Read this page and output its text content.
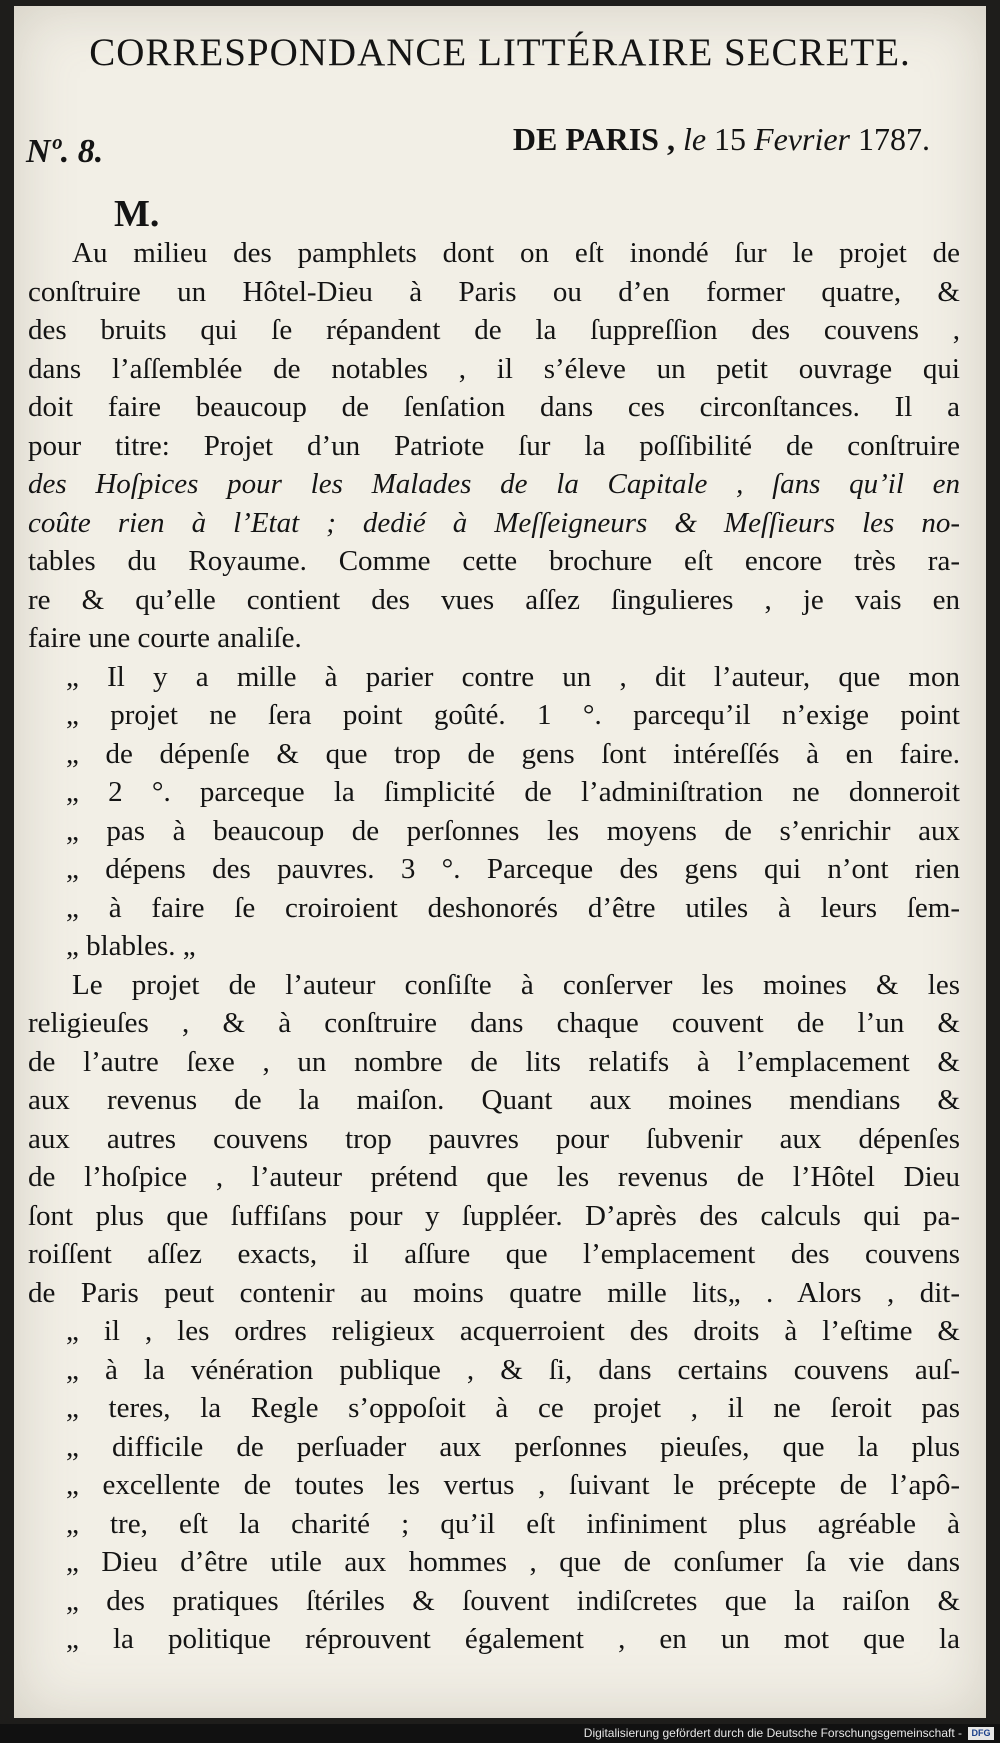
CORRESPONDANCE LITTÉRAIRE SECRETE.
Nº. 8.	DE PARIS , le 15 Fevrier 1787.
M.
Au milieu des pamphlets dont on eſt inondé ſur le projet de
conſtruire un Hôtel-Dieu à Paris ou d’en former quatre, &
des bruits qui ſe répandent de la ſuppreſſion des couvens ,
dans l’aſſemblée de notables , il s’éleve un petit ouvrage qui
doit faire beaucoup de ſenſation dans ces circonſtances. Il a
pour titre: Projet d’un Patriote ſur la poſſibilité de conſtruire
des Hoſpices pour les Malades de la Capitale , ſans qu’il en
coûte rien à l’Etat ; dedié à Meſſeigneurs & Meſſieurs les no-
tables du Royaume. Comme cette brochure eſt encore très ra-
re & qu’elle contient des vues aſſez ſingulieres , je vais en
faire une courte analiſe.
„ Il y a mille à parier contre un , dit l’auteur, que mon
„ projet ne ſera point goûté. 1 °. parcequ’il n’exige point
„ de dépenſe & que trop de gens ſont intéreſſés à en faire.
„ 2 °. parceque la ſimplicité de l’adminiſtration ne donneroit
„ pas à beaucoup de perſonnes les moyens de s’enrichir aux
„ dépens des pauvres. 3 °. Parceque des gens qui n’ont rien
„ à faire ſe croiroient deshonorés d’être utiles à leurs ſem-
„ blables. „
Le projet de l’auteur conſiſte à conſerver les moines & les
religieuſes , & à conſtruire dans chaque couvent de l’un &
de l’autre ſexe , un nombre de lits relatifs à l’emplacement &
aux revenus de la maiſon. Quant aux moines mendians &
aux autres couvens trop pauvres pour ſubvenir aux dépenſes
de l’hoſpice , l’auteur prétend que les revenus de l’Hôtel Dieu
ſont plus que ſuffiſans pour y ſuppléer. D’après des calculs qui pa-
roiſſent aſſez exacts, il aſſure que l’emplacement des couvens
de Paris peut contenir au moins quatre mille lits„ . Alors , dit-
„ il , les ordres religieux acquerroient des droits à l’eſtime &
„ à la vénération publique , & ſi, dans certains couvens auſ-
„ teres, la Regle s’oppoſoit à ce projet , il ne ſeroit pas
„ difficile de perſuader aux perſonnes pieuſes, que la plus
„ excellente de toutes les vertus , ſuivant le précepte de l’apô-
„ tre, eſt la charité ; qu’il eſt infiniment plus agréable à
„ Dieu d’être utile aux hommes , que de conſumer ſa vie dans
„ des pratiques ſtériles & ſouvent indiſcretes que la raiſon &
„ la politique réprouvent également , en un mot que la
Digitalisierung gefördert durch die Deutsche Forschungsgemeinschaft -	DFG
